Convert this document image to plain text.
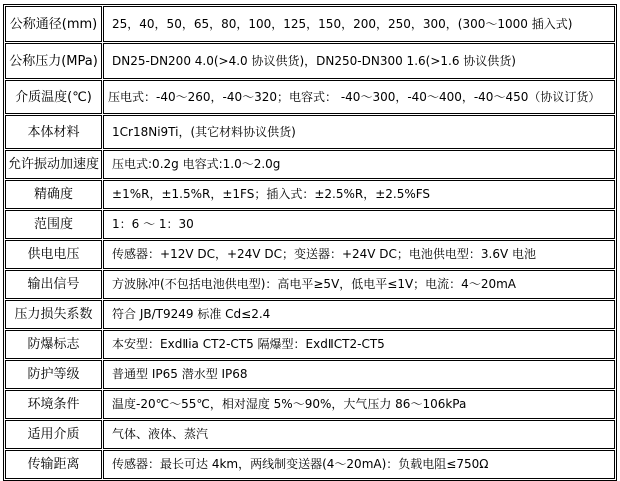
公称通径(mm)	25，40，50，65，80，100，125，150，200，250，300，(300～1000 插入式)
公称压力(MPa)	DN25-DN200 4.0(>4.0 协议供货)，DN250-DN300 1.6(>1.6 协议供货)
介质温度(℃)	压电式：-40～260，-40～320；电容式： -40～300，-40～400，-40～450（协议订货）
本体材料	1Cr18Ni9Ti，(其它材料协议供货)
允许振动加速度	压电式:0.2g 电容式:1.0～2.0g
精确度	±1%R，±1.5%R，±1FS；插入式：±2.5%R，±2.5%FS
范围度	1：6 ～ 1：30
供电电压	传感器：+12V DC，+24V DC；变送器：+24V DC；电池供电型：3.6V 电池
输出信号	方波脉冲(不包括电池供电型)：高电平≥5V，低电平≤1V；电流：4～20mA
压力损失系数	符合 JB/T9249 标准 Cd≤2.4
防爆标志	本安型：ExdⅡia CT2-CT5 隔爆型：ExdⅡCT2-CT5
防护等级	普通型 IP65 潜水型 IP68
环境条件	温度-20℃～55℃，相对湿度 5%～90%，大气压力 86～106kPa
适用介质	气体、液体、蒸汽
传输距离	传感器：最长可达 4km，两线制变送器(4～20mA)：负载电阻≤750Ω
